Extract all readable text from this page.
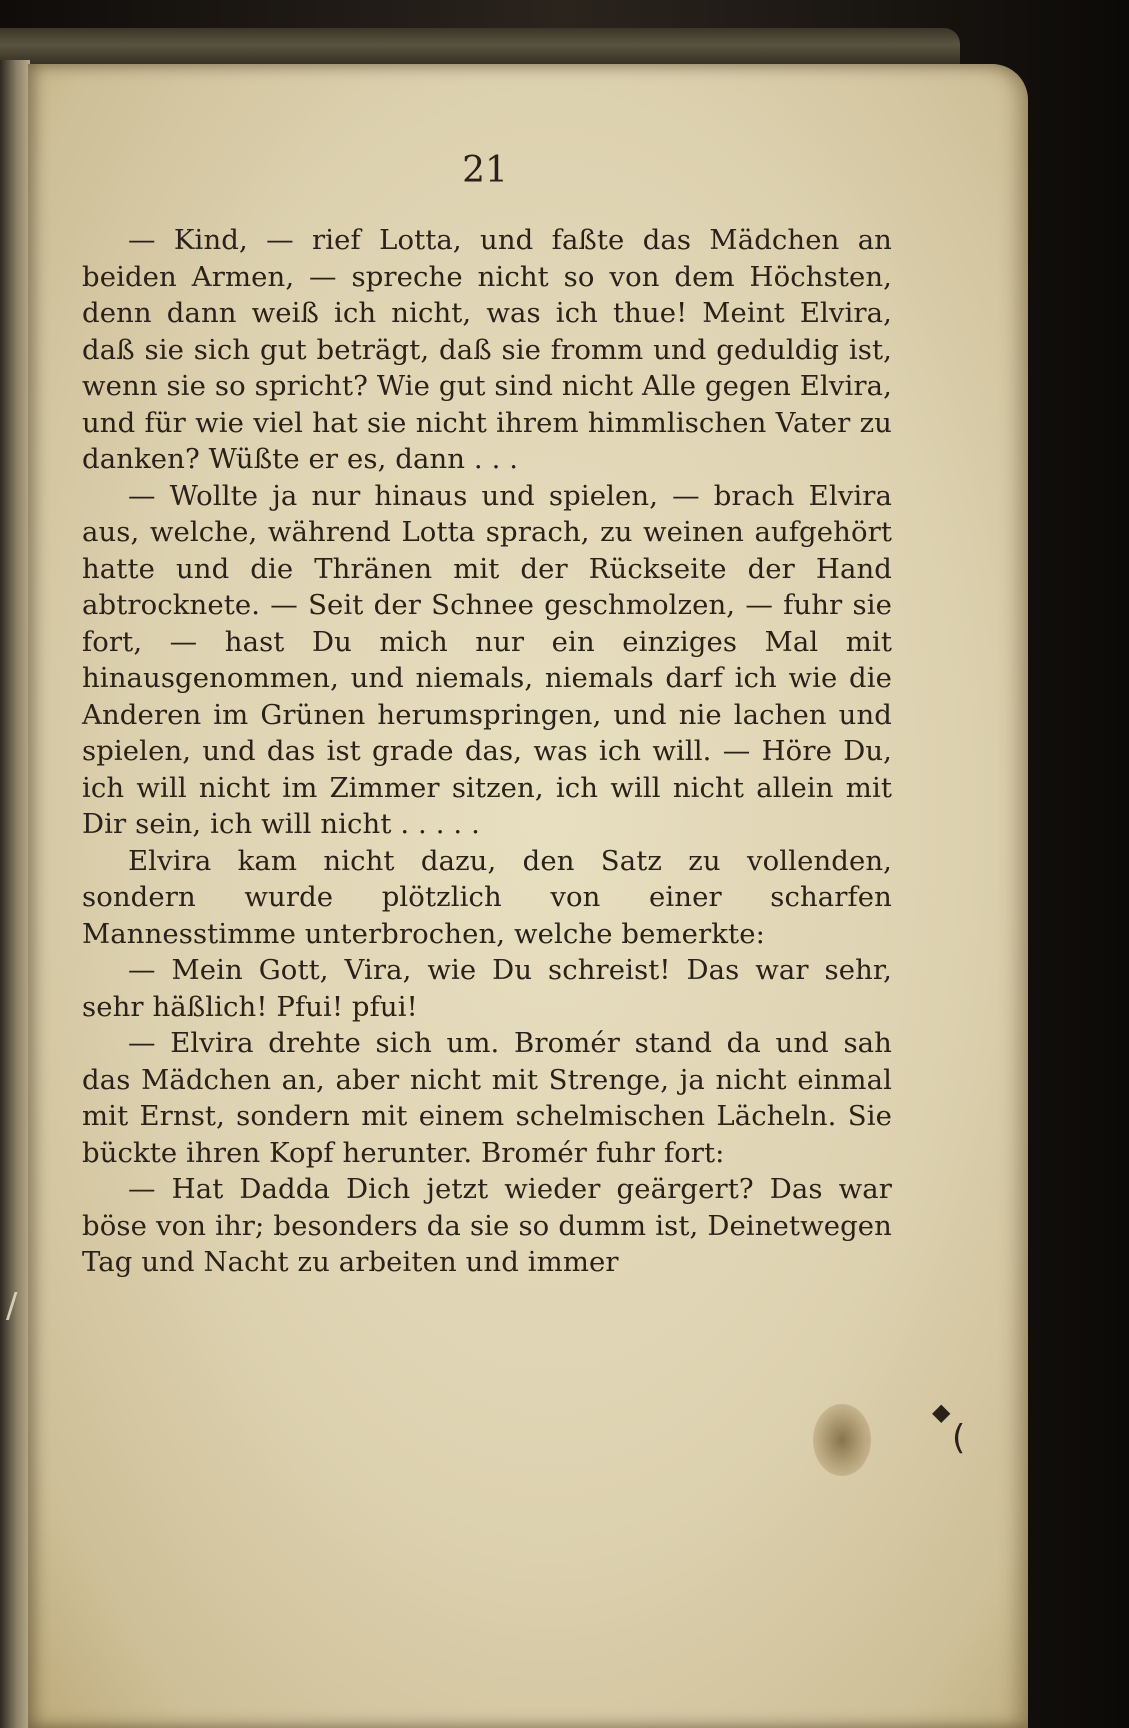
21

— Kind, — rief Lotta, und faßte das Mädchen an beiden Armen, — spreche nicht so von dem Höchsten, denn dann weiß ich nicht, was ich thue! Meint Elvira, daß sie sich gut beträgt, daß sie fromm und geduldig ist, wenn sie so spricht? Wie gut sind nicht Alle gegen Elvira, und für wie viel hat sie nicht ihrem himmlischen Vater zu danken? Wüßte er es, dann . . .

— Wollte ja nur hinaus und spielen, — brach Elvira aus, welche, während Lotta sprach, zu weinen aufgehört hatte und die Thränen mit der Rückseite der Hand abtrocknete. — Seit der Schnee geschmolzen, — fuhr sie fort, — hast Du mich nur ein einziges Mal mit hinausgenommen, und niemals, niemals darf ich wie die Anderen im Grünen herumspringen, und nie lachen und spielen, und das ist grade das, was ich will. — Höre Du, ich will nicht im Zimmer sitzen, ich will nicht allein mit Dir sein, ich will nicht . . . . .

Elvira kam nicht dazu, den Satz zu vollenden, sondern wurde plötzlich von einer scharfen Mannesstimme unterbrochen, welche bemerkte:

— Mein Gott, Vira, wie Du schreist! Das war sehr, sehr häßlich! Pfui! pfui!

— Elvira drehte sich um. Bromér stand da und sah das Mädchen an, aber nicht mit Strenge, ja nicht einmal mit Ernst, sondern mit einem schelmischen Lächeln. Sie bückte ihren Kopf herunter. Bromér fuhr fort:

— Hat Dadda Dich jetzt wieder geärgert? Das war böse von ihr; besonders da sie so dumm ist, Deinetwegen Tag und Nacht zu arbeiten und immer

◆
(
/
